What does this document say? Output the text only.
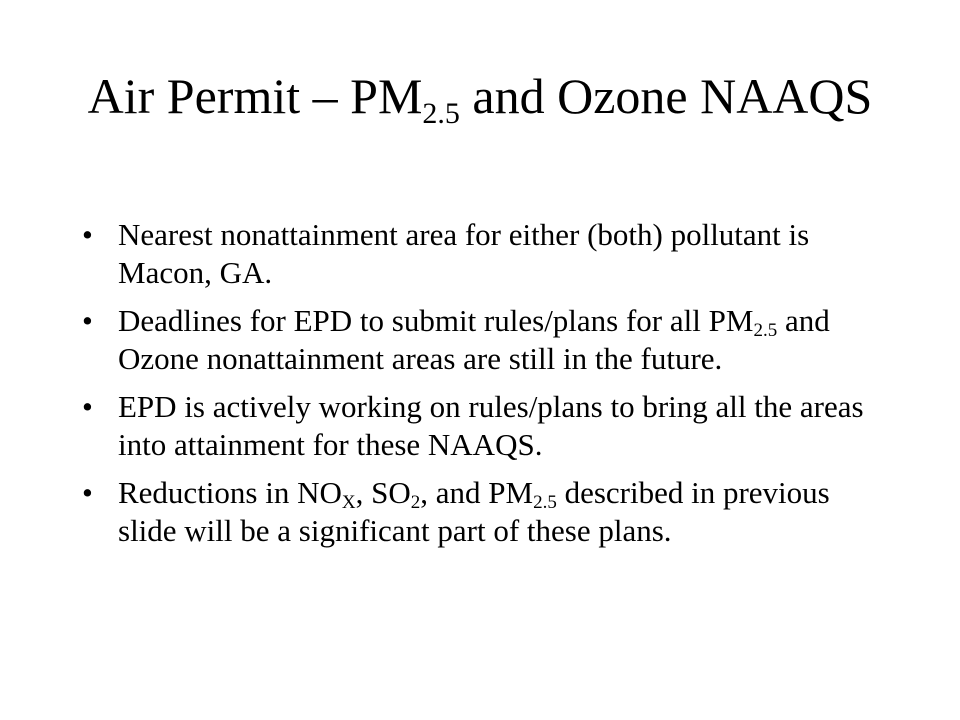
Air Permit – $PM_{2.5}$ and Ozone NAAQS
• Nearest nonattainment area for either (both) pollutant is Macon, GA.
• Deadlines for EPD to submit rules/plans for all $PM_{2.5}$ and Ozone nonattainment areas are still in the future.
• EPD is actively working on rules/plans to bring all the areas into attainment for these NAAQS.
• Reductions in $NO_X$, $SO_2$, and $PM_{2.5}$ described in previous slide will be a significant part of these plans.
